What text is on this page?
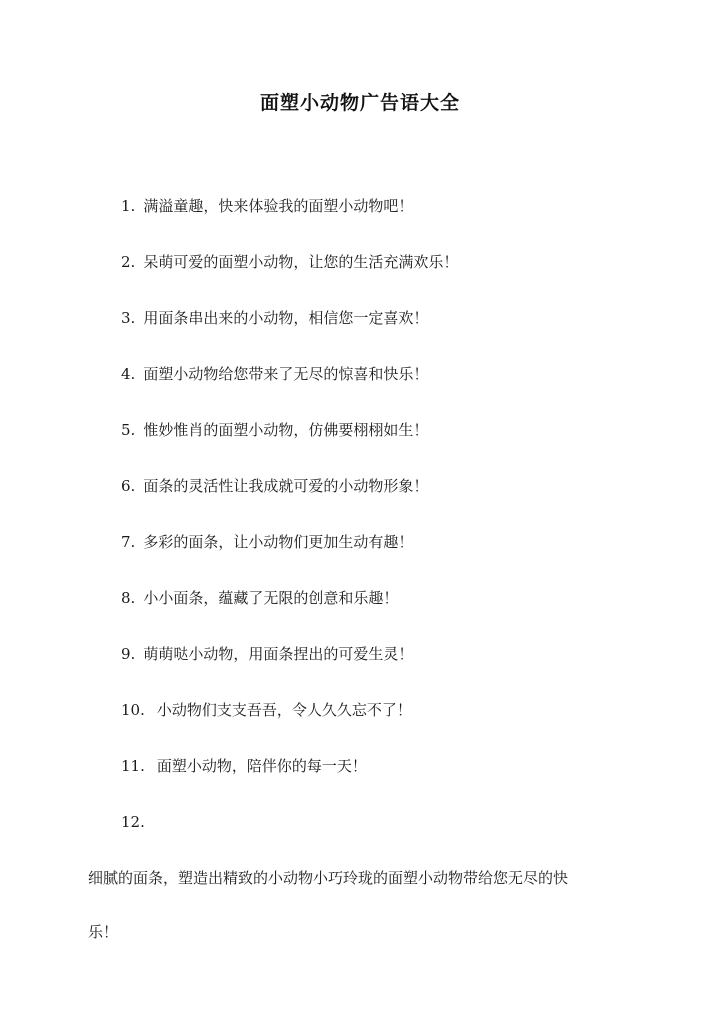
面塑小动物广告语大全
1. 满溢童趣，快来体验我的面塑小动物吧！
2. 呆萌可爱的面塑小动物，让您的生活充满欢乐！
3. 用面条串出来的小动物，相信您一定喜欢！
4. 面塑小动物给您带来了无尽的惊喜和快乐！
5. 惟妙惟肖的面塑小动物，仿佛要栩栩如生！
6. 面条的灵活性让我成就可爱的小动物形象！
7. 多彩的面条，让小动物们更加生动有趣！
8. 小小面条，蕴藏了无限的创意和乐趣！
9. 萌萌哒小动物，用面条捏出的可爱生灵！
10. 小动物们支支吾吾，令人久久忘不了！
11. 面塑小动物，陪伴你的每一天！
12.
细腻的面条，塑造出精致的小动物小巧玲珑的面塑小动物带给您无尽的快
乐！
